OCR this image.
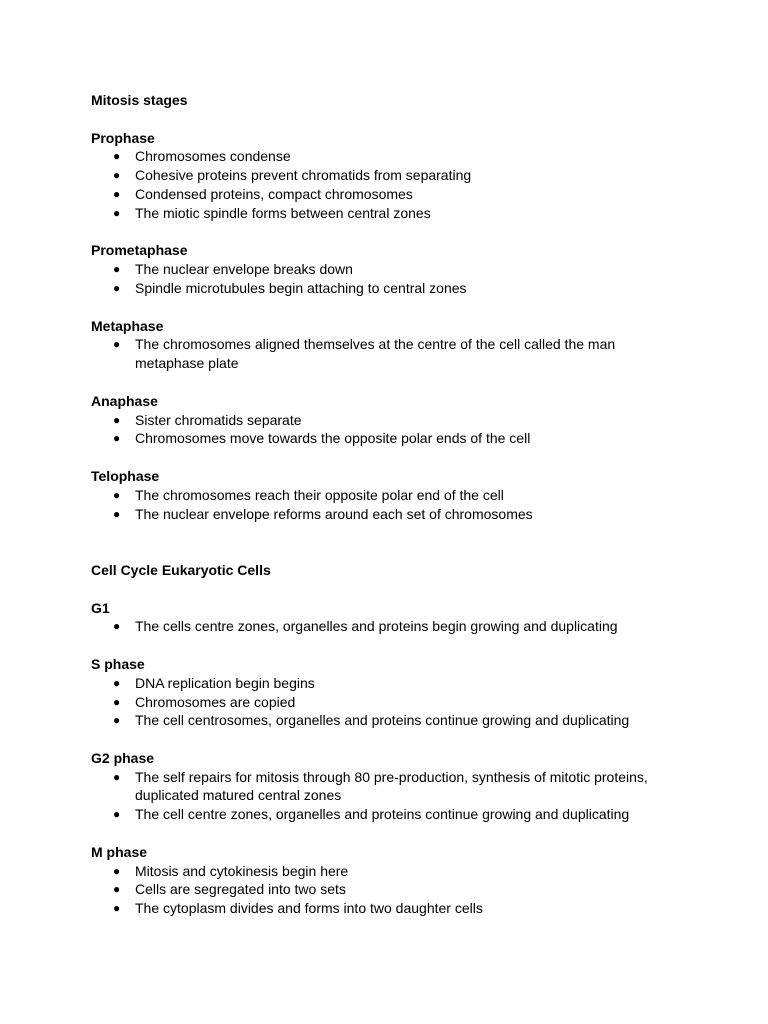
Mitosis stages
Prophase
● Chromosomes condense
● Cohesive proteins prevent chromatids from separating
● Condensed proteins, compact chromosomes
● The miotic spindle forms between central zones
Prometaphase
● The nuclear envelope breaks down
● Spindle microtubules begin attaching to central zones
Metaphase
● The chromosomes aligned themselves at the centre of the cell called the man metaphase plate
Anaphase
● Sister chromatids separate
● Chromosomes move towards the opposite polar ends of the cell
Telophase
● The chromosomes reach their opposite polar end of the cell
● The nuclear envelope reforms around each set of chromosomes
Cell Cycle Eukaryotic Cells
G1
● The cells centre zones, organelles and proteins begin growing and duplicating
S phase
● DNA replication begin begins
● Chromosomes are copied
● The cell centrosomes, organelles and proteins continue growing and duplicating
G2 phase
● The self repairs for mitosis through 80 pre-production, synthesis of mitotic proteins, duplicated matured central zones
● The cell centre zones, organelles and proteins continue growing and duplicating
M phase
● Mitosis and cytokinesis begin here
● Cells are segregated into two sets
● The cytoplasm divides and forms into two daughter cells
